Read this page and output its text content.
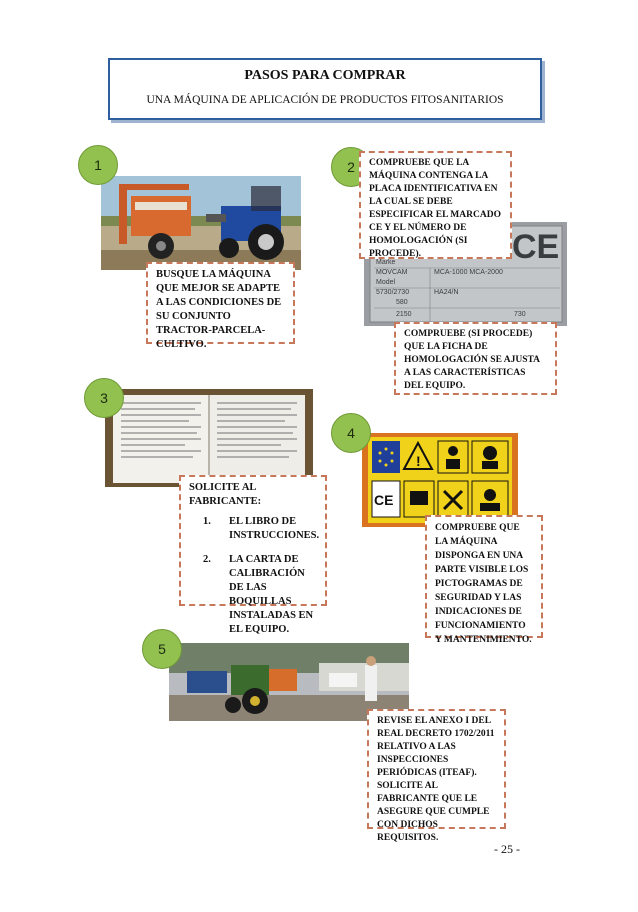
PASOS PARA COMPRAR
UNA MÁQUINA DE APLICACIÓN DE PRODUCTOS FITOSANITARIOS
1
BUSQUE LA MÁQUINA QUE MEJOR SE ADAPTE A LAS CONDICIONES DE SU CONJUNTO TRACTOR-PARCELA-CULTIVO.
CE
Marke
MOVCAM	MCA-1000 MCA-2000
Model
5730/2730	HA24/N
580
2150	730
2	COMPRUEBE QUE LA MÁQUINA CONTENGA LA PLACA IDENTIFICATIVA EN LA CUAL SE DEBE ESPECIFICAR EL MARCADO CE Y EL NÚMERO DE HOMOLOGACIÓN (SI PROCEDE).
COMPRUEBE (SI PROCEDE) QUE LA FICHA DE HOMOLOGACIÓN SE AJUSTA A LAS CARACTERÍSTICAS DEL EQUIPO.
3
SOLICITE AL FABRICANTE:
1.	EL LIBRO DE INSTRUCCIONES.
2.	LA CARTA DE CALIBRACIÓN DE LAS BOQUILLAS INSTALADAS EN EL EQUIPO.
!
CE
4
COMPRUEBE QUE LA MÁQUINA DISPONGA EN UNA PARTE VISIBLE LOS PICTOGRAMAS DE SEGURIDAD Y LAS INDICACIONES DE FUNCIONAMIENTO Y MANTENIMIENTO.
5
REVISE EL ANEXO I DEL REAL DECRETO 1702/2011 RELATIVO A LAS INSPECCIONES PERIÓDICAS (ITEAF). SOLICITE AL FABRICANTE QUE LE ASEGURE QUE CUMPLE CON DICHOS REQUISITOS.
- 25 -
